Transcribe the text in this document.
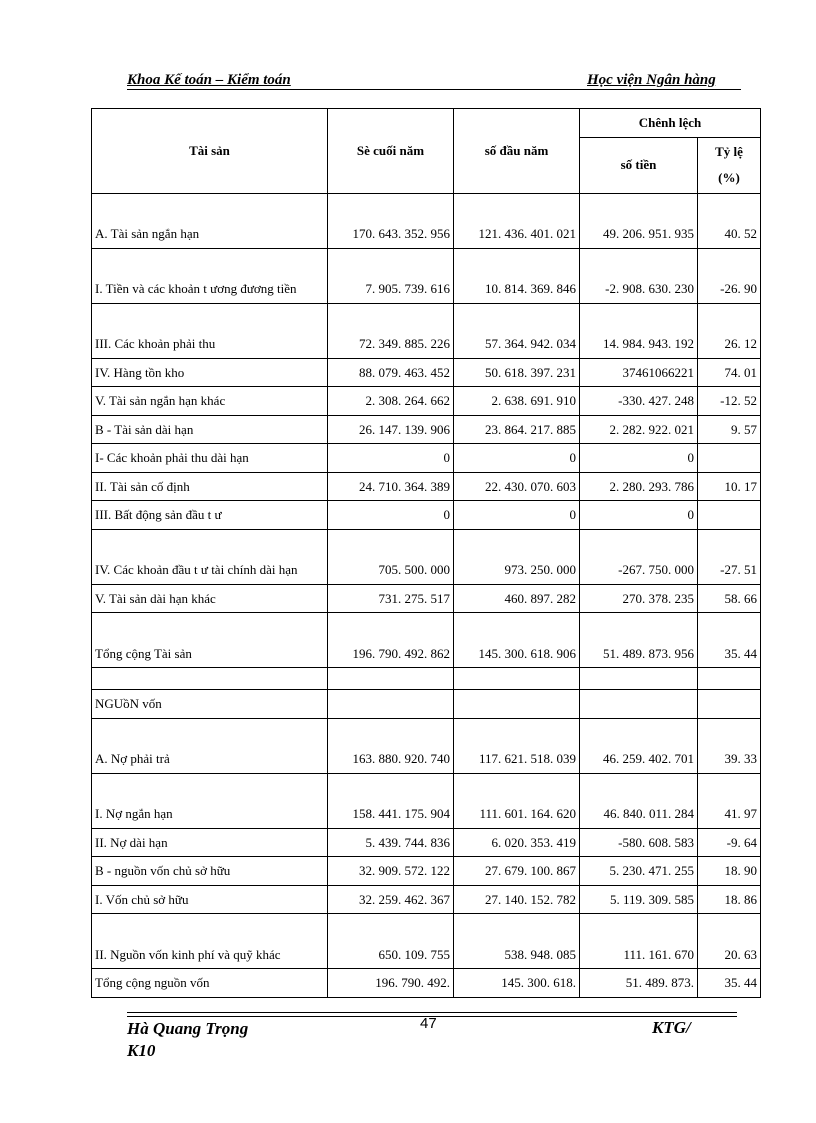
Khoa Kế toán – Kiểm toán	Học viện Ngân hàng
Tài sản	Sè cuối năm	số đầu năm	Chênh lệch	
			số tiền	Tỷ lệ
(%)

A. Tài sản ngắn hạn	170. 643. 352. 956	121. 436. 401. 021	49. 206. 951. 935	40. 52
I. Tiền và các khoản t ương đương tiền	7. 905. 739. 616	10. 814. 369. 846	-2. 908. 630. 230	-26. 90
III. Các khoản phải thu	72. 349. 885. 226	57. 364. 942. 034	14. 984. 943. 192	26. 12
IV. Hàng tồn kho	88. 079. 463. 452	50. 618. 397. 231	37461066221	74. 01
V. Tài sản ngắn hạn khác	2. 308. 264. 662	2. 638. 691. 910	-330. 427. 248	-12. 52
B - Tài sản dài hạn	26. 147. 139. 906	23. 864. 217. 885	2. 282. 922. 021	9. 57
I- Các khoản phải thu dài hạn	0	0	0	
II. Tài sản cố định	24. 710. 364. 389	22. 430. 070. 603	2. 280. 293. 786	10. 17
III. Bất động sản đầu t ư	0	0	0	
IV. Các khoản đầu t ư tài chính dài hạn	705. 500. 000	973. 250. 000	-267. 750. 000	-27. 51
V. Tài sản dài hạn khác	731. 275. 517	460. 897. 282	270. 378. 235	58. 66
Tổng cộng Tài sản	196. 790. 492. 862	145. 300. 618. 906	51. 489. 873. 956	35. 44

NGUồN vốn				
A. Nợ phải trả	163. 880. 920. 740	117. 621. 518. 039	46. 259. 402. 701	39. 33
I. Nợ ngắn hạn	158. 441. 175. 904	111. 601. 164. 620	46. 840. 011. 284	41. 97
II. Nợ dài hạn	5. 439. 744. 836	6. 020. 353. 419	-580. 608. 583	-9. 64
B - nguồn vốn chủ sở hữu	32. 909. 572. 122	27. 679. 100. 867	5. 230. 471. 255	18. 90
I. Vốn chủ sở hữu	32. 259. 462. 367	27. 140. 152. 782	5. 119. 309. 585	18. 86
II. Nguồn vốn kinh phí và quỹ khác	650. 109. 755	538. 948. 085	111. 161. 670	20. 63
Tổng cộng nguồn vốn	196. 790. 492.	145. 300. 618.	51. 489. 873.	35. 44
Hà Quang Trọng
K10
47	KTG/
